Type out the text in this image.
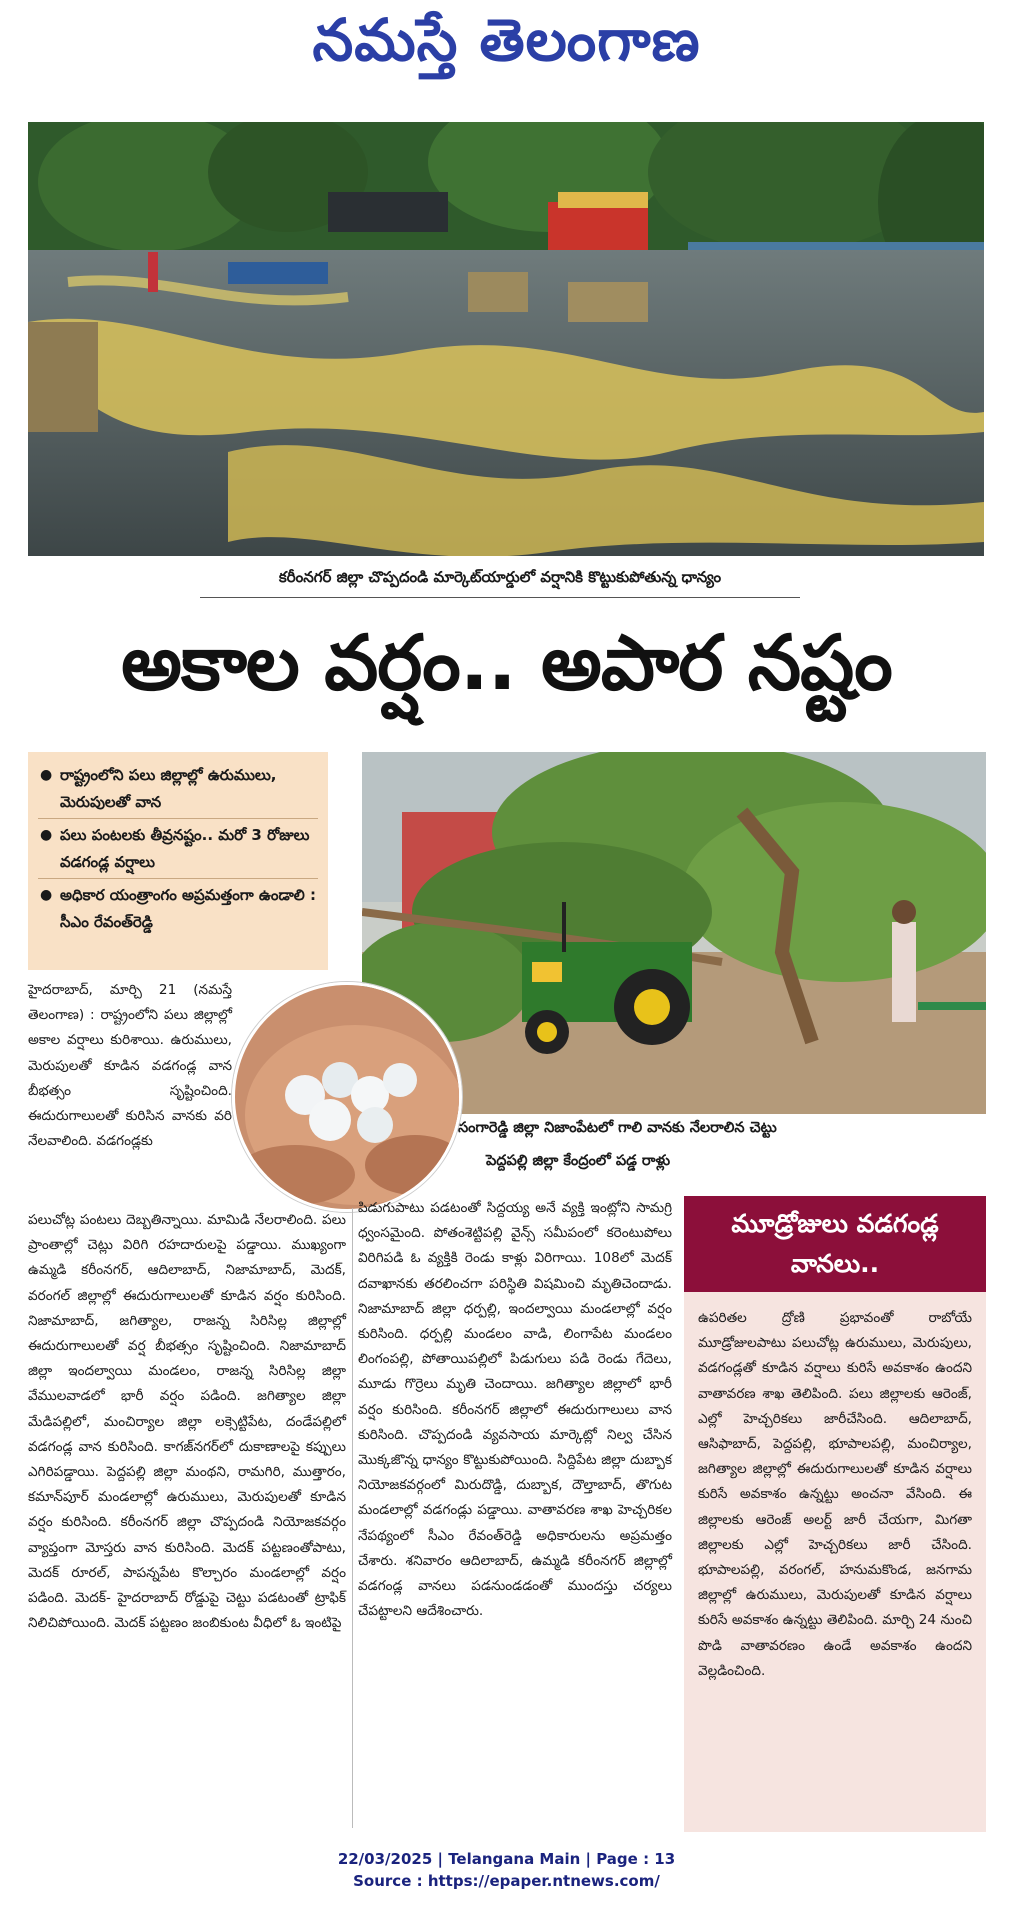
నమస్తే తెలంగాణ
కరీంనగర్ జిల్లా చొప్పదండి మార్కెట్‌యార్డులో వర్షానికి కొట్టుకుపోతున్న ధాన్యం
అకాల వర్షం.. అపార నష్టం
● రాష్ట్రంలోని పలు జిల్లాల్లో ఉరుములు, మెరుపులతో వాన
● పలు పంటలకు తీవ్రనష్టం.. మరో 3 రోజులు వడగండ్ల వర్షాలు
● అధికార యంత్రాంగం అప్రమత్తంగా ఉండాలి : సీఎం రేవంత్‌రెడ్డి
సంగారెడ్డి జిల్లా నిజాంపేటలో గాలి వానకు నేలరాలిన చెట్టు
పెద్దపల్లి జిల్లా కేంద్రంలో పడ్డ రాళ్లు

హైదరాబాద్, మార్చి 21 (నమస్తే తెలంగాణ) : రాష్ట్రంలోని పలు జిల్లాల్లో అకాల వర్షాలు కురిశాయి. ఉరుములు, మెరుపులతో కూడిన వడగండ్ల వాన బీభత్సం సృష్టించింది. ఈదురుగాలులతో కురిసిన వానకు వరి నేలవాలింది. వడగండ్లకు

పలుచోట్ల పంటలు దెబ్బతిన్నాయి. మామిడి నేలరాలింది. పలు ప్రాంతాల్లో చెట్లు విరిగి రహదారులపై పడ్డాయి. ముఖ్యంగా ఉమ్మడి కరీంనగర్, ఆదిలాబాద్, నిజామాబాద్, మెదక్, వరంగల్ జిల్లాల్లో ఈదురుగాలులతో కూడిన వర్షం కురిసింది. నిజామాబాద్, జగిత్యాల, రాజన్న సిరిసిల్ల జిల్లాల్లో ఈదురుగాలులతో వర్ష బీభత్సం సృష్టించింది. నిజామాబాద్ జిల్లా ఇందల్వాయి మండలం, రాజన్న సిరిసిల్ల జిల్లా వేములవాడలో భారీ వర్షం పడింది. జగిత్యాల జిల్లా మేడిపల్లిలో, మంచిర్యాల జిల్లా లక్సెట్టిపేట, దండేపల్లిలో వడగండ్ల వాన కురిసింది. కాగజ్‌నగర్‌లో దుకాణాలపై కప్పులు ఎగిరిపడ్డాయి. పెద్దపల్లి జిల్లా మంథని, రామగిరి, ముత్తారం, కమాన్‌పూర్ మండలాల్లో ఉరుములు, మెరుపులతో కూడిన వర్షం కురిసింది. కరీంనగర్ జిల్లా చొప్పదండి నియోజకవర్గం వ్యాప్తంగా మోస్తరు వాన కురిసింది. మెదక్ పట్టణంతోపాటు, మెదక్ రూరల్, పాపన్నపేట కొల్చారం మండలాల్లో వర్షం పడింది. మెదక్- హైదరాబాద్ రోడ్డుపై చెట్టు పడటంతో ట్రాఫిక్ నిలిచిపోయింది. మెదక్ పట్టణం జంబికుంట వీధిలో ఓ ఇంటిపై

పిడుగుపాటు పడటంతో సిద్దయ్య అనే వ్యక్తి ఇంట్లోని సామగ్రి ధ్వంసమైంది. పోతంశెట్టిపల్లి వైన్స్ సమీపంలో కరెంటుపోలు విరిగిపడి ఓ వ్యక్తికి రెండు కాళ్లు విరిగాయి. 108లో మెదక్ దవాఖానకు తరలించగా పరిస్థితి విషమించి మృతిచెందాడు. నిజామాబాద్ జిల్లా ధర్పల్లి, ఇందల్వాయి మండలాల్లో వర్షం కురిసింది. ధర్పల్లి మండలం వాడి, లింగాపేట మండలం లింగంపల్లి, పోతాయిపల్లిలో పిడుగులు పడి రెండు గేదెలు, మూడు గొర్రెలు మృతి చెందాయి. జగిత్యాల జిల్లాలో భారీ వర్షం కురిసింది. కరీంనగర్ జిల్లాలో ఈదురుగాలులు వాన కురిసింది. చొప్పదండి వ్యవసాయ మార్కెట్లో నిల్వ చేసిన మొక్కజొన్న ధాన్యం కొట్టుకుపోయింది. సిద్దిపేట జిల్లా దుబ్బాక నియోజకవర్గంలో మిరుదొడ్డి, దుబ్బాక, దౌల్తాబాద్, తొగుట మండలాల్లో వడగండ్లు పడ్డాయి. వాతావరణ శాఖ హెచ్చరికల నేపథ్యంలో సీఎం రేవంత్‌రెడ్డి అధికారులను అప్రమత్తం చేశారు. శనివారం ఆదిలాబాద్, ఉమ్మడి కరీంనగర్ జిల్లాల్లో వడగండ్ల వానలు పడనుండడంతో ముందస్తు చర్యలు చేపట్టాలని ఆదేశించారు.

మూడ్రోజులు వడగండ్ల వానలు..
ఉపరితల ద్రోణి ప్రభావంతో రాబోయే మూడ్రోజులపాటు పలుచోట్ల ఉరుములు, మెరుపులు, వడగండ్లతో కూడిన వర్షాలు కురిసే అవకాశం ఉందని వాతావరణ శాఖ తెలిపింది. పలు జిల్లాలకు ఆరెంజ్, ఎల్లో హెచ్చరికలు జారీచేసింది. ఆదిలాబాద్, ఆసిఫాబాద్, పెద్దపల్లి, భూపాలపల్లి, మంచిర్యాల, జగిత్యాల జిల్లాల్లో ఈదురుగాలులతో కూడిన వర్షాలు కురిసే అవకాశం ఉన్నట్టు అంచనా వేసింది. ఈ జిల్లాలకు ఆరెంజ్ అలర్ట్ జారీ చేయగా, మిగతా జిల్లాలకు ఎల్లో హెచ్చరికలు జారీ చేసింది. భూపాలపల్లి, వరంగల్, హనుమకొండ, జనగామ జిల్లాల్లో ఉరుములు, మెరుపులతో కూడిన వర్షాలు కురిసే అవకాశం ఉన్నట్టు తెలిపింది. మార్చి 24 నుంచి పొడి వాతావరణం ఉండే అవకాశం ఉందని వెల్లడించింది.
22/03/2025 | Telangana Main | Page : 13
Source : https://epaper.ntnews.com/
